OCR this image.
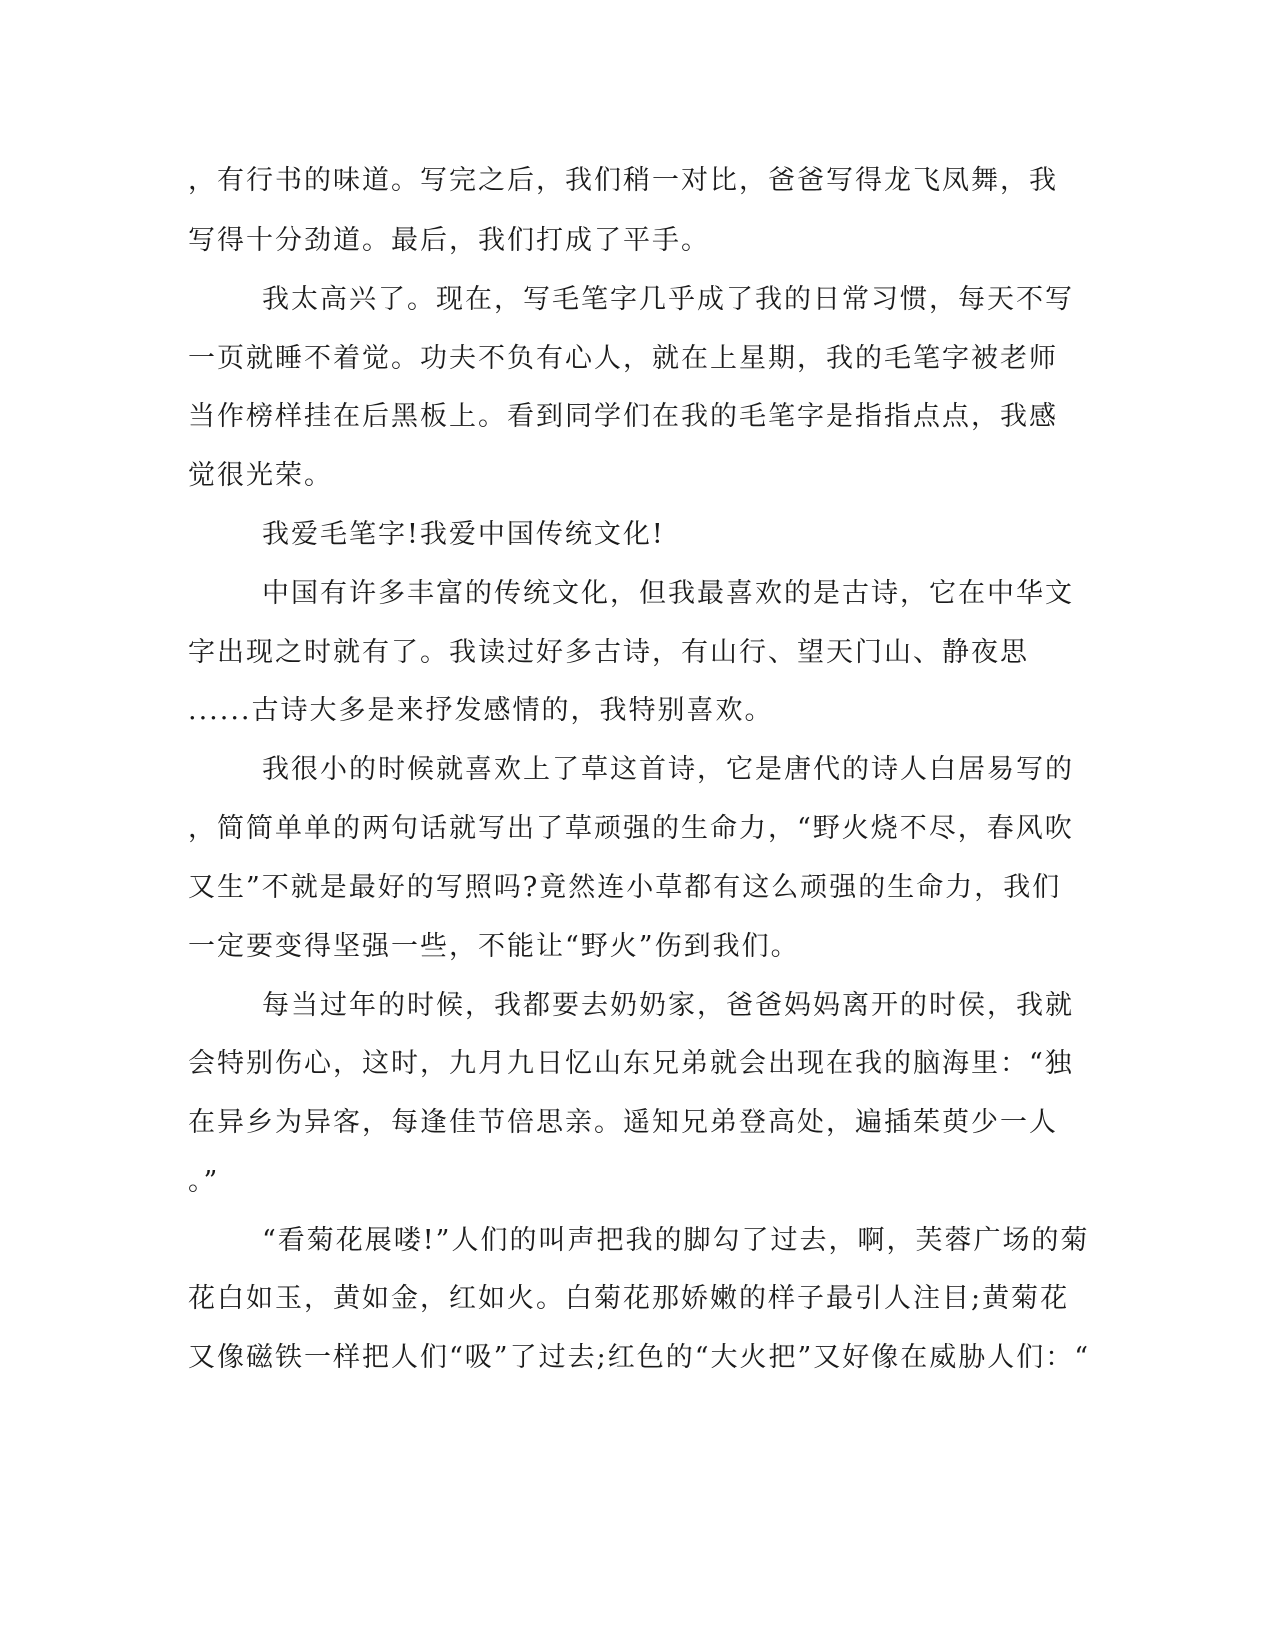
，有行书的味道。写完之后，我们稍一对比，爸爸写得龙飞凤舞，我
写得十分劲道。最后，我们打成了平手。
我太高兴了。现在，写毛笔字几乎成了我的日常习惯，每天不写
一页就睡不着觉。功夫不负有心人，就在上星期，我的毛笔字被老师
当作榜样挂在后黑板上。看到同学们在我的毛笔字是指指点点，我感
觉很光荣。
我爱毛笔字!我爱中国传统文化!
中国有许多丰富的传统文化，但我最喜欢的是古诗，它在中华文
字出现之时就有了。我读过好多古诗，有山行、望天门山、静夜思
......古诗大多是来抒发感情的，我特别喜欢。
我很小的时候就喜欢上了草这首诗，它是唐代的诗人白居易写的
，简简单单的两句话就写出了草顽强的生命力，“野火烧不尽，春风吹
又生”不就是最好的写照吗?竟然连小草都有这么顽强的生命力，我们
一定要变得坚强一些，不能让“野火”伤到我们。
每当过年的时候，我都要去奶奶家，爸爸妈妈离开的时侯，我就
会特别伤心，这时，九月九日忆山东兄弟就会出现在我的脑海里：“独
在异乡为异客，每逢佳节倍思亲。遥知兄弟登高处，遍插茱萸少一人
。”
“看菊花展喽!”人们的叫声把我的脚勾了过去，啊，芙蓉广场的菊
花白如玉，黄如金，红如火。白菊花那娇嫩的样子最引人注目;黄菊花
又像磁铁一样把人们“吸”了过去;红色的“大火把”又好像在威胁人们：“
